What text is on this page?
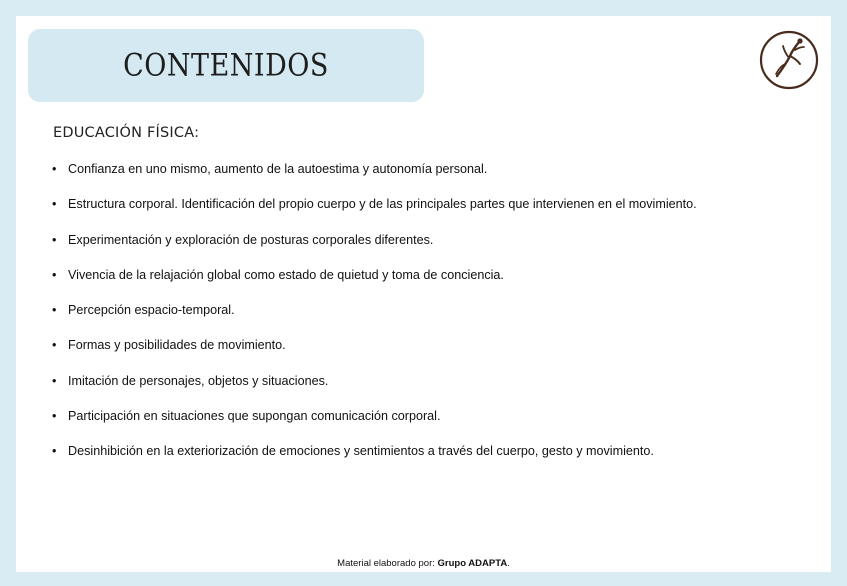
CONTENIDOS
EDUCACIÓN FÍSICA:
• Confianza en uno mismo, aumento de la autoestima y autonomía personal.
• Estructura corporal. Identificación del propio cuerpo y de las principales partes que intervienen en el movimiento.
• Experimentación y exploración de posturas corporales diferentes.
• Vivencia de la relajación global como estado de quietud y toma de conciencia.
• Percepción espacio-temporal.
• Formas y posibilidades de movimiento.
• Imitación de personajes, objetos y situaciones.
• Participación en situaciones que supongan comunicación corporal.
• Desinhibición en la exteriorización de emociones y sentimientos a través del cuerpo, gesto y movimiento.
Material elaborado por: Grupo ADAPTA.
